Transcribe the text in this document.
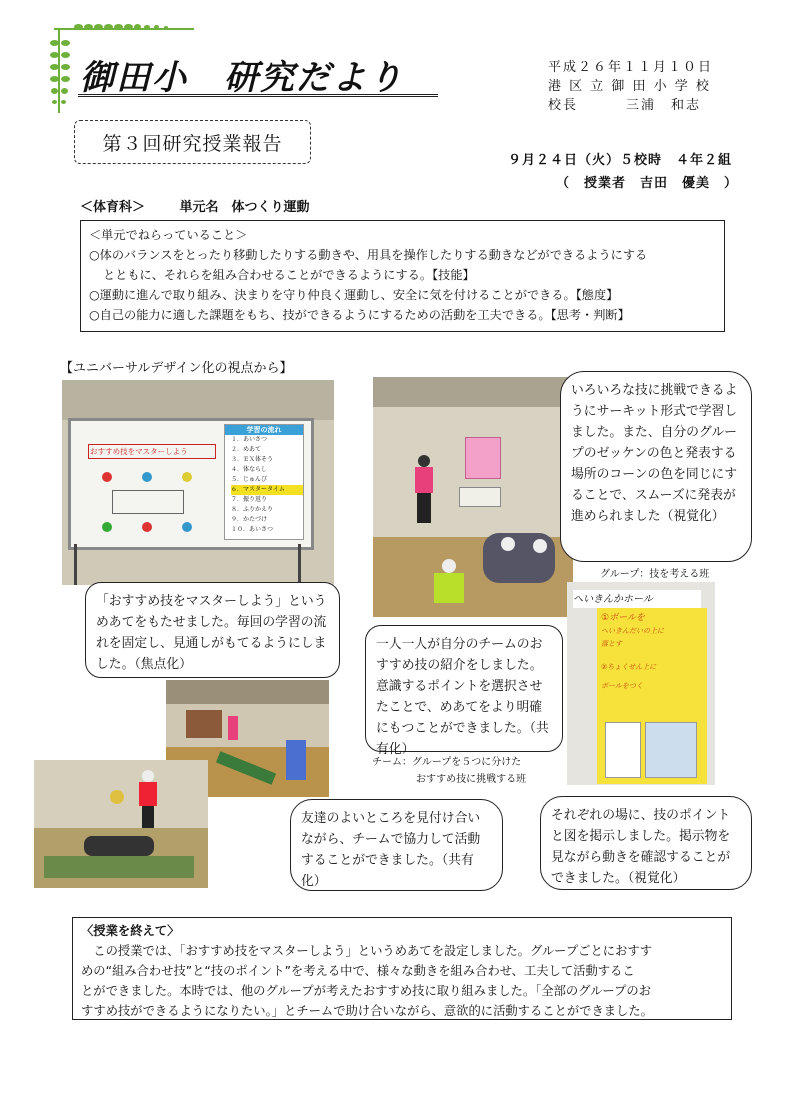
御田小　研究だより	平成２６年１１月１０日
港 区 立 御 田 小 学 校
校長	三浦　和志
第３回研究授業報告
９月２４日（火）５校時　４年２組
（　授業者　吉田　優美　）
＜体育科＞	単元名　体つくり運動
＜単元でねらっていること＞
○体のバランスをとったり移動したりする動きや、用具を操作したりする動きなどができるようにする
とともに、それらを組み合わせることができるようにする。【技能】
○運動に進んで取り組み、決まりを守り仲良く運動し、安全に気を付けることができる。【態度】
○自己の能力に適した課題をもち、技ができるようにするための活動を工夫できる。【思考・判断】
【ユニバーサルデザイン化の視点から】
おすすめ技をマスターしよう
学習の流れ
１．あいさつ
２．めあて
３．ＥＸ体そう
４．体ならし
５．じゅんび
６．マスタータイム
７．振り返り
８．ふりかえり
９．かたづけ
１０．あいさつ
へいきんかホール
①ボールを
へいきんだいの上に
落とす
②ちょくせん上に
ボールをつく
「おすすめ技をマスターしよう」というめあてをもたせました。毎回の学習の流れを固定し、見通しがもてるようにしました。（焦点化）
いろいろな技に挑戦できるようにサーキット形式で学習しました。また、自分のグループのゼッケンの色と発表する場所のコーンの色を同じにすることで、スムーズに発表が進められました（視覚化）
一人一人が自分のチームのおすすめ技の紹介をしました。意識するポイントを選択させたことで、めあてをより明確にもつことができました。（共有化）
友達のよいところを見付け合いながら、チームで協力して活動することができました。（共有化）
それぞれの場に、技のポイントと図を掲示しました。掲示物を見ながら動きを確認することができました。（視覚化）
グループ：技を考える班
チーム：グループを５つに分けた
おすすめ技に挑戦する班
〈授業を終えて〉
　この授業では、「おすすめ技をマスターしよう」というめあてを設定しました。グループごとにおすす
めの“組み合わせ技”と“技のポイント”を考える中で、様々な動きを組み合わせ、工夫して活動するこ
とができました。本時では、他のグループが考えたおすすめ技に取り組みました。「全部のグループのお
すすめ技ができるようになりたい。」とチームで助け合いながら、意欲的に活動することができました。
